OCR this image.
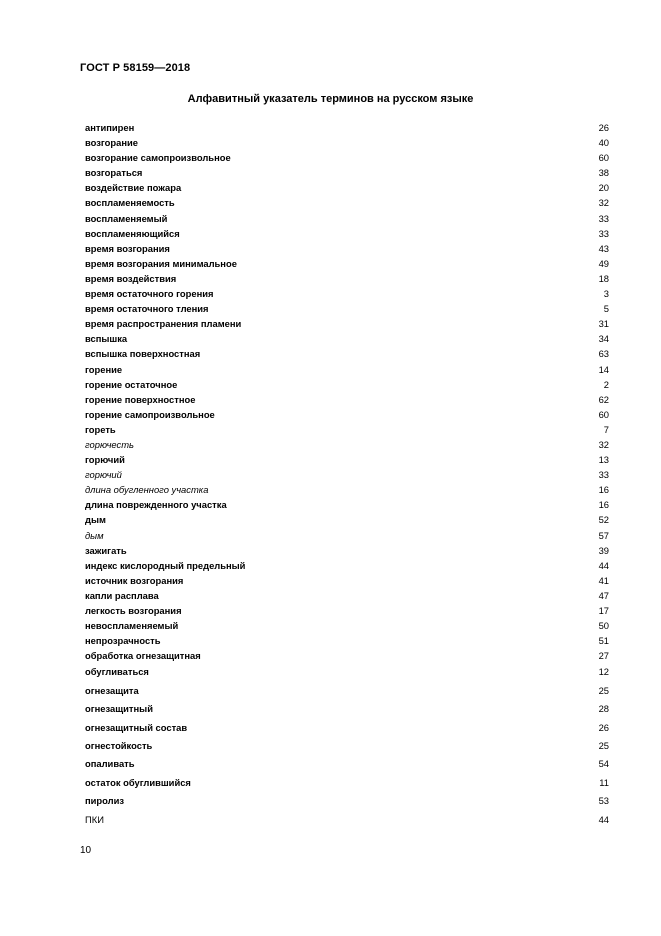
ГОСТ Р 58159—2018
Алфавитный указатель терминов на русском языке
антипирен	26
возгорание	40
возгорание самопроизвольное	60
возгораться	38
воздействие пожара	20
воспламеняемость	32
воспламеняемый	33
воспламеняющийся	33
время возгорания	43
время возгорания минимальное	49
время воздействия	18
время остаточного горения	3
время остаточного тления	5
время распространения пламени	31
вспышка	34
вспышка поверхностная	63
горение	14
горение остаточное	2
горение поверхностное	62
горение самопроизвольное	60
гореть	7
горючесть	32
горючий	13
горючий	33
длина обугленного участка	16
длина поврежденного участка	16
дым	52
дым	57
зажигать	39
индекс кислородный предельный	44
источник возгорания	41
капли расплава	47
легкость возгорания	17
невоспламеняемый	50
непрозрачность	51
обработка огнезащитная	27
обугливаться	12
огнезащита	25
огнезащитный	28
огнезащитный состав	26
огнестойкость	25
опаливать	54
остаток обуглившийся	11
пиролиз	53
ПКИ	44
10
